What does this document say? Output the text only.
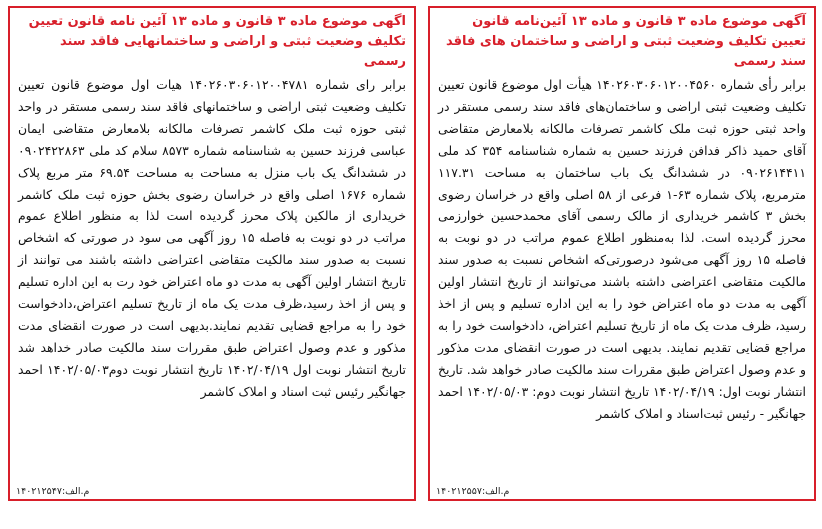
آگهی موضوع ماده ۳ قانون و ماده ۱۳ آئین‌نامه قانون تعیین تکلیف وضعیت ثبتی و اراضی و ساختمان های فاقد سند رسمی
برابر رأی شماره ۱۴۰۲۶۰۳۰۶۰۱۲۰۰۴۵۶۰ هیأت اول موضوع قانون تعیین تکلیف وضعیت ثبتی اراضی و ساختمان‌های فاقد سند رسمی مستقر در واحد ثبتی حوزه ثبت ملک کاشمر تصرفات مالکانه بلامعارض متقاضی آقای حمید ذاکر فدافن فرزند حسین به شماره شناسنامه ۳۵۴ کد ملی ۰۹۰۲۶۱۴۴۱۱ در ششدانگ یک باب ساختمان به مساحت ۱۱۷.۳۱ مترمربع، پلاک شماره ۶۳-۱ فرعی از ۵۸ اصلی واقع در خراسان رضوی بخش ۳ کاشمر خریداری از مالک رسمی آقای محمدحسین خوارزمی محرز گردیده است. لذا به‌منظور اطلاع عموم مراتب در دو نوبت به فاصله ۱۵ روز آگهی می‌شود درصورتی‌که اشخاص نسبت به صدور سند مالکیت متقاضی اعتراضی داشته باشند می‌توانند از تاریخ انتشار اولین آگهی به مدت دو ماه اعتراض خود را به این اداره تسلیم و پس از اخذ رسید، ظرف مدت یک ماه از تاریخ تسلیم اعتراض، دادخواست خود را به مراجع قضایی تقدیم نمایند. بدیهی است در صورت انقضای مدت مذکور و عدم وصول اعتراض طبق مقررات سند مالکیت صادر خواهد شد. تاریخ انتشار نوبت اول: ۱۴۰۲/۰۴/۱۹ تاریخ انتشار نوبت دوم: ۱۴۰۲/۰۵/۰۳ احمد جهانگیر - رئیس ثبت‌اسناد و املاک کاشمر
م.الف:۱۴۰۲۱۲۵۵۷
اگهی موضوع ماده ۳ قانون و ماده ۱۳ آئین نامه قانون تعیین تکلیف وضعیت ثبتی و اراضی و ساختمانهایی فاقد سند رسمی
برابر رای شماره ۱۴۰۲۶۰۳۰۶۰۱۲۰۰۴۷۸۱ هیات اول موضوع قانون تعیین تکلیف وضعیت ثبتی اراضی و ساختمانهای فاقد سند رسمی مستقر در واحد ثبتی حوزه ثبت ملک کاشمر تصرفات مالکانه بلامعارض متقاضی ایمان عباسی فرزند حسین به شناسنامه شماره ۸۵۷۳ سلام کد ملی ۰۹۰۲۴۲۲۸۶۳ در ششدانگ یک باب منزل به مساحت به مساحت ۶۹.۵۴ متر مربع پلاک شماره ۱۶۷۶ اصلی واقع در خراسان رضوی بخش حوزه ثبت ملک کاشمر خریداری از مالکین پلاک محرز گردیده است لذا به منظور اطلاع عموم مراتب در دو نوبت به فاصله ۱۵ روز آگهی می سود در صورتی که اشخاص نسبت به صدور سند مالکیت متقاضی اعتراضی داشته باشند می توانند از تاریخ انتشار اولین آگهی به مدت دو ماه اعتراض خود رت به این اداره تسلیم و پس از اخذ رسید،ظرف مدت یک ماه از تاریخ تسلیم اعتراض،دادخواست خود را به مراجع قضایی تقدیم نمایند.بدیهی است در صورت انقضای مدت مذکور و عدم وصول اعتراض طبق مقررات سند مالکیت صادر خداهد شد تاریخ انتشار نوبت اول ۱۴۰۲/۰۴/۱۹ تاریخ انتشار نوبت دوم۱۴۰۲/۰۵/۰۳ احمد جهانگیر رئیس ثبت اسناد و املاک کاشمر
م.الف:۱۴۰۲۱۲۵۴۷
